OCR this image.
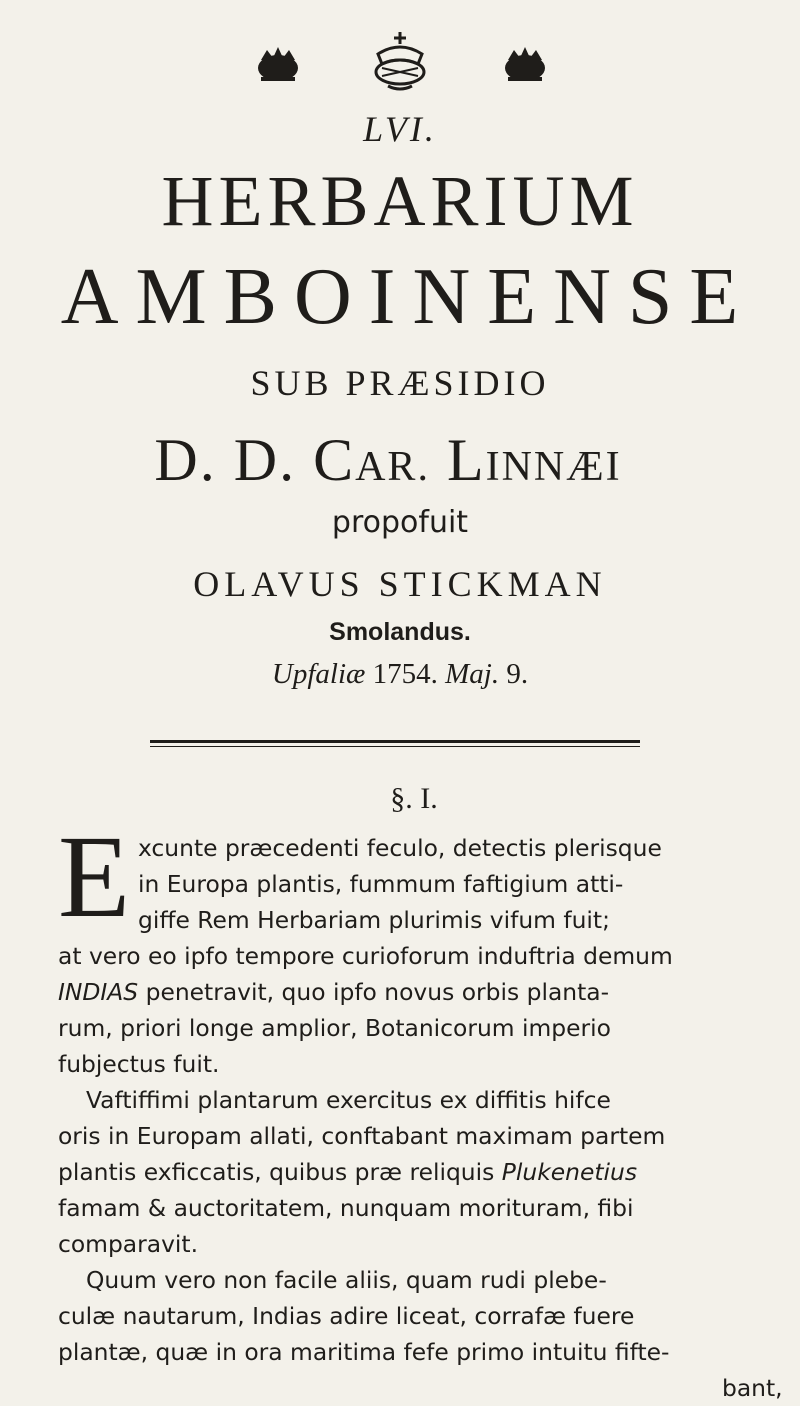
LVI.
HERBARIUM
AMBOINENSE
SUB PRÆSIDIO
D. D. CAR. LINNÆI
propofuit
OLAVUS STICKMAN
Smolandus.
Upfaliæ 1754. Maj. 9.
§. I.
E xcunte præcedenti feculo, detectis plerisque
in Europa plantis, fummum faftigium atti-
giffe Rem Herbariam plurimis vifum fuit;
at vero eo ipfo tempore curioforum induftria demum
INDIAS penetravit, quo ipfo novus orbis planta-
rum, priori longe amplior, Botanicorum imperio
fubjectus fuit.
Vaftiffimi plantarum exercitus ex diffitis hifce
oris in Europam allati, conftabant maximam partem
plantis exficcatis, quibus præ reliquis Plukenetius
famam & auctoritatem, nunquam morituram, fibi
comparavit.
Quum vero non facile aliis, quam rudi plebe-
culæ nautarum, Indias adire liceat, corrafæ fuere
plantæ, quæ in ora maritima fefe primo intuitu fifte-
bant,
